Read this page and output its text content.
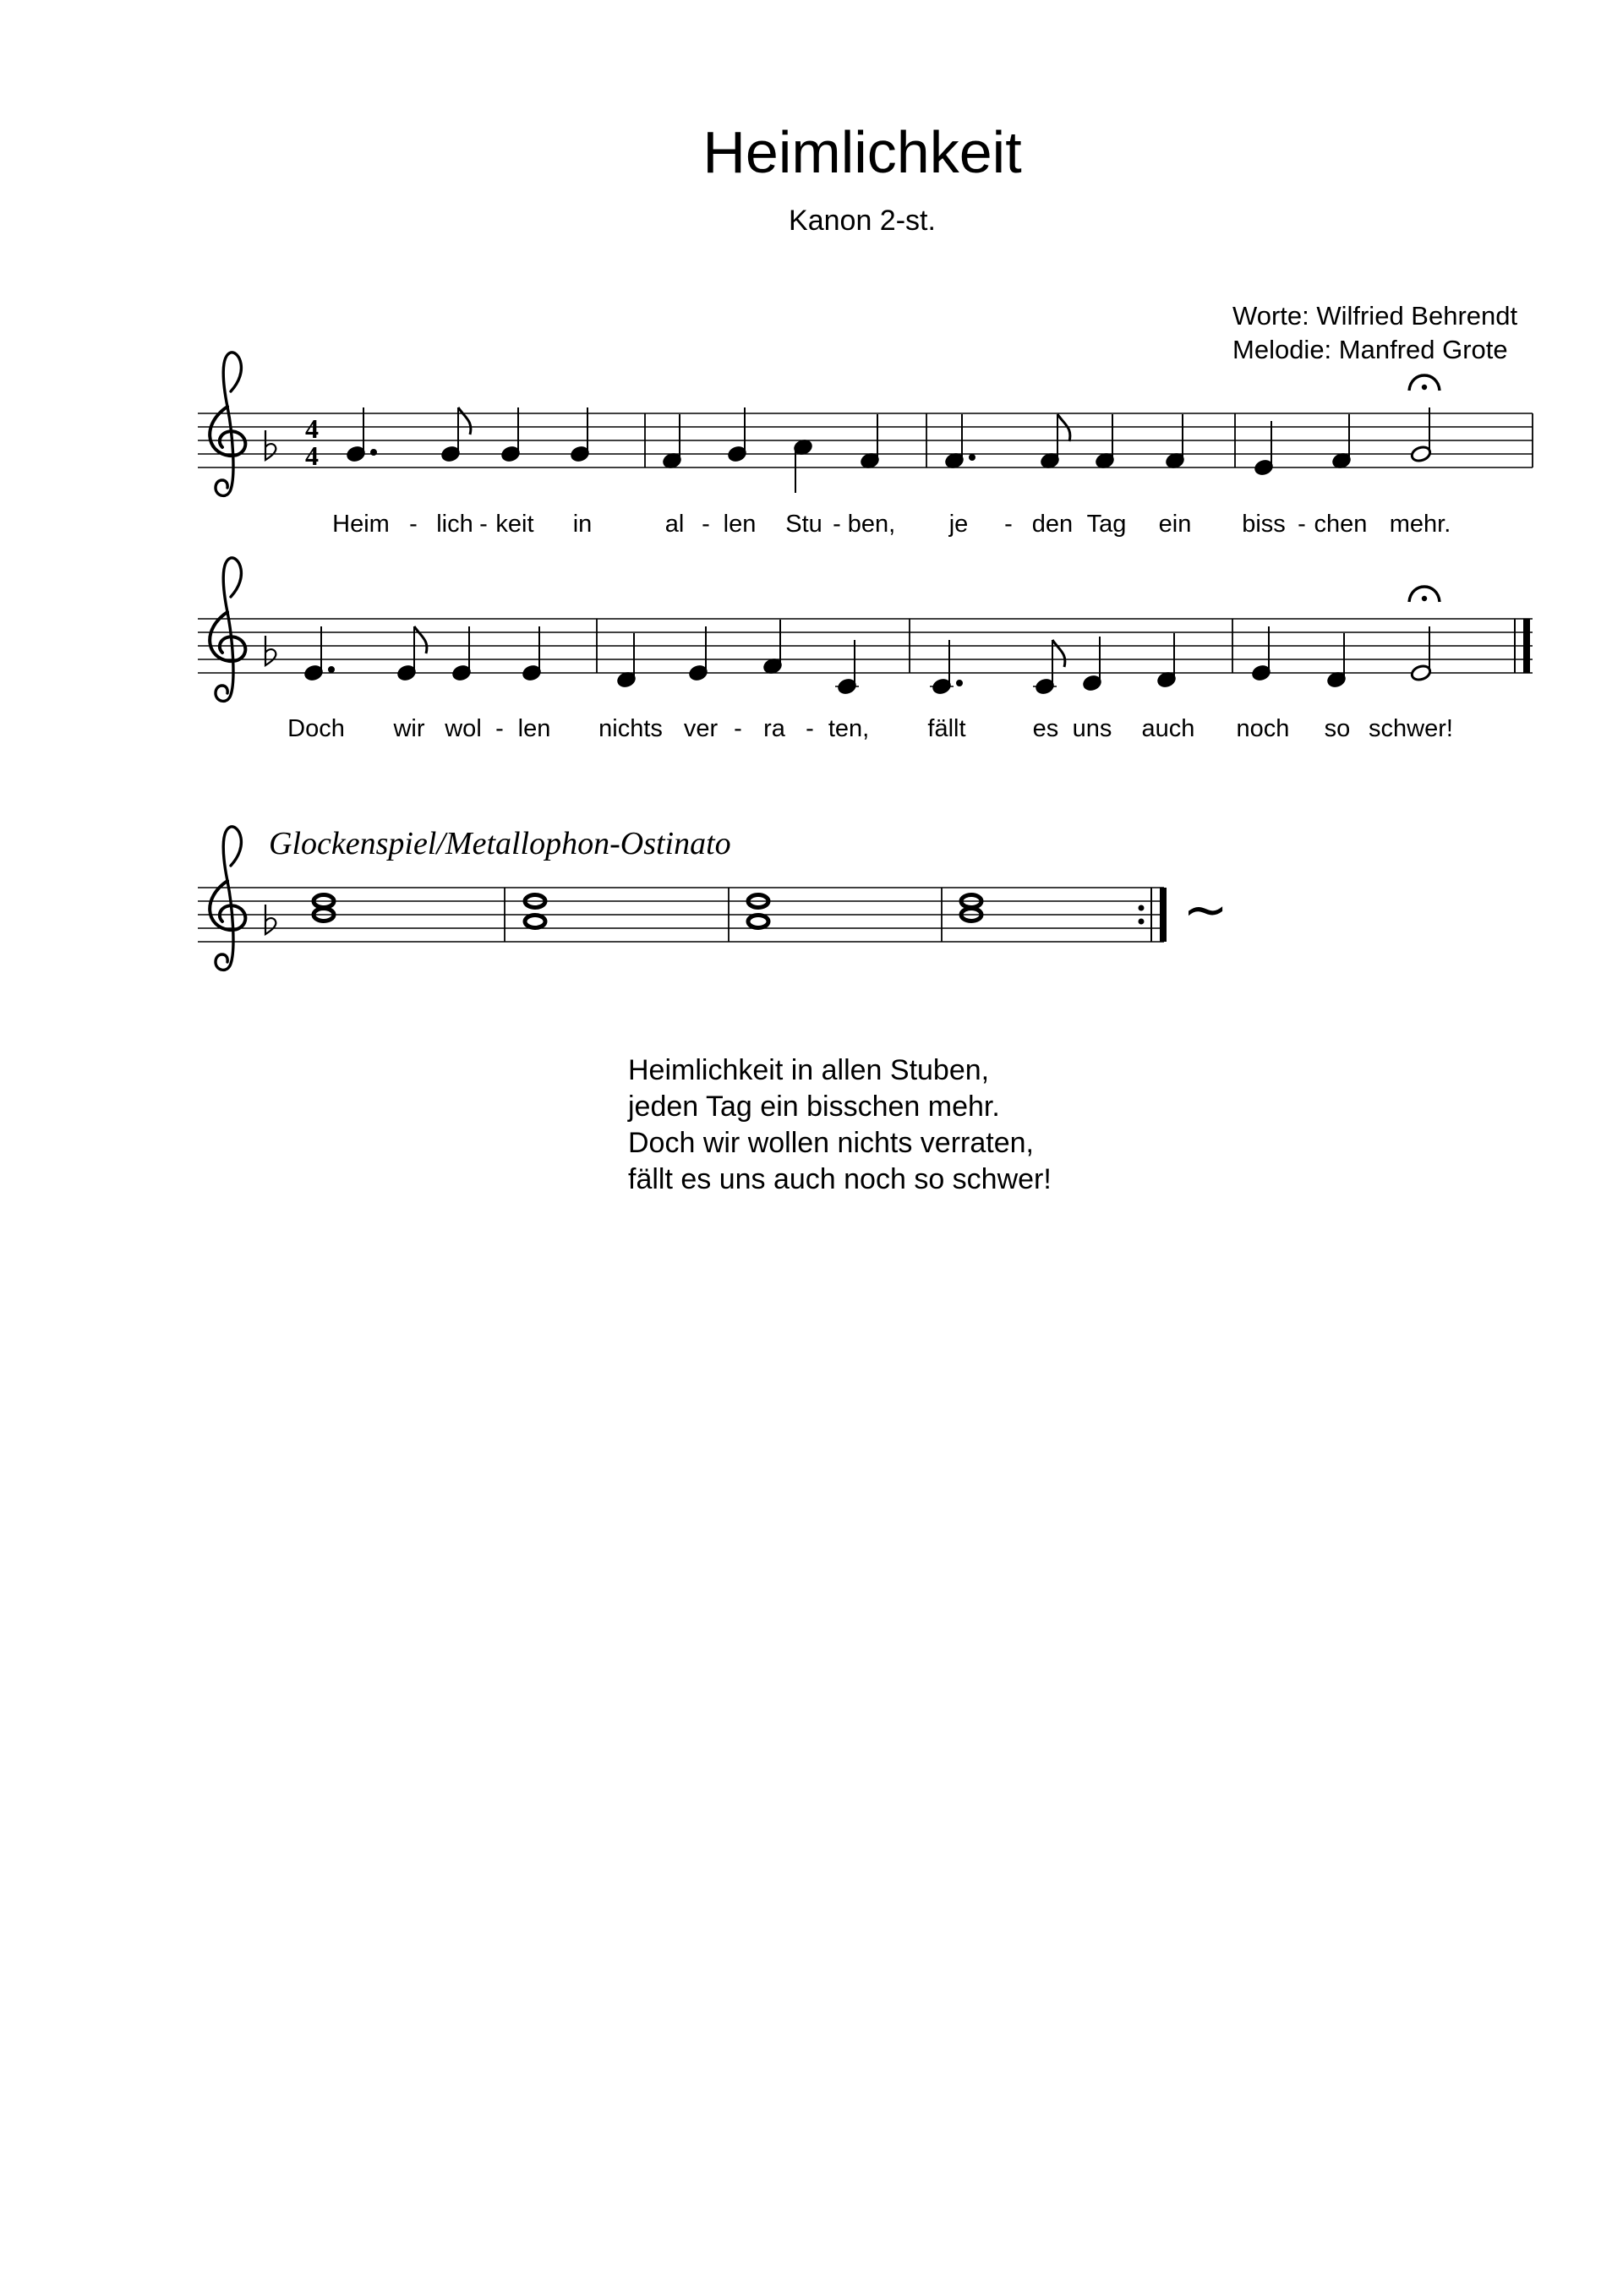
Heimlichkeit
Kanon 2-st.
Worte: Wilfried Behrendt
Melodie: Manfred Grote
4
4
~
Glockenspiel/Metallophon-Ostinato
Heim - lich - keit in	al - len Stu - ben, je - den Tag ein biss - chen mehr.
Doch wir wol - len nichts ver - ra - ten, fällt	es uns auch noch so schwer!
Heimlichkeit in allen Stuben,
jeden Tag ein bisschen mehr.
Doch wir wollen nichts verraten,
fällt es uns auch noch so schwer!
